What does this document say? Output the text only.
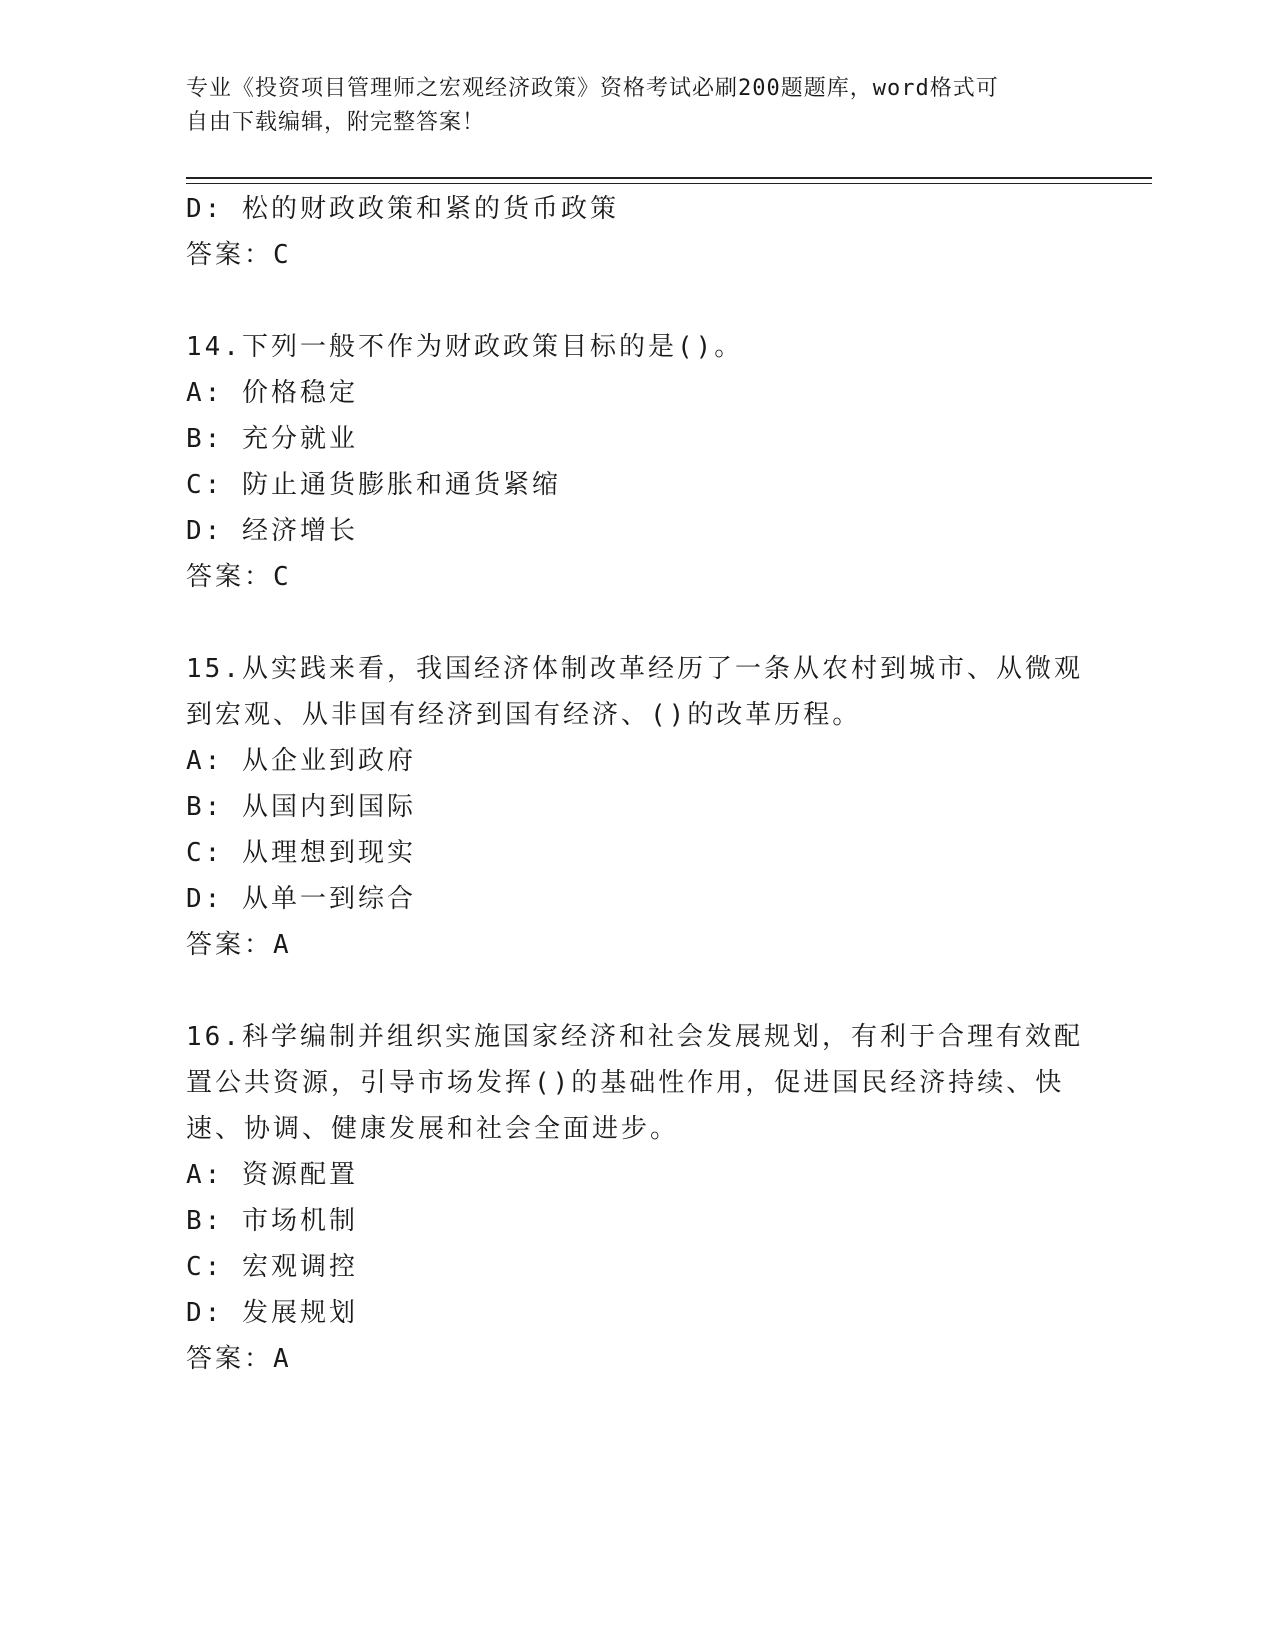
专业《投资项目管理师之宏观经济政策》资格考试必刷200题题库，word格式可
自由下载编辑，附完整答案！
D: 松的财政政策和紧的货币政策
答案：C
14.下列一般不作为财政政策目标的是()。
A: 价格稳定
B: 充分就业
C: 防止通货膨胀和通货紧缩
D: 经济增长
答案：C
15.从实践来看，我国经济体制改革经历了一条从农村到城市、从微观
到宏观、从非国有经济到国有经济、()的改革历程。
A: 从企业到政府
B: 从国内到国际
C: 从理想到现实
D: 从单一到综合
答案：A
16.科学编制并组织实施国家经济和社会发展规划，有利于合理有效配
置公共资源，引导市场发挥()的基础性作用，促进国民经济持续、快
速、协调、健康发展和社会全面进步。
A: 资源配置
B: 市场机制
C: 宏观调控
D: 发展规划
答案：A
